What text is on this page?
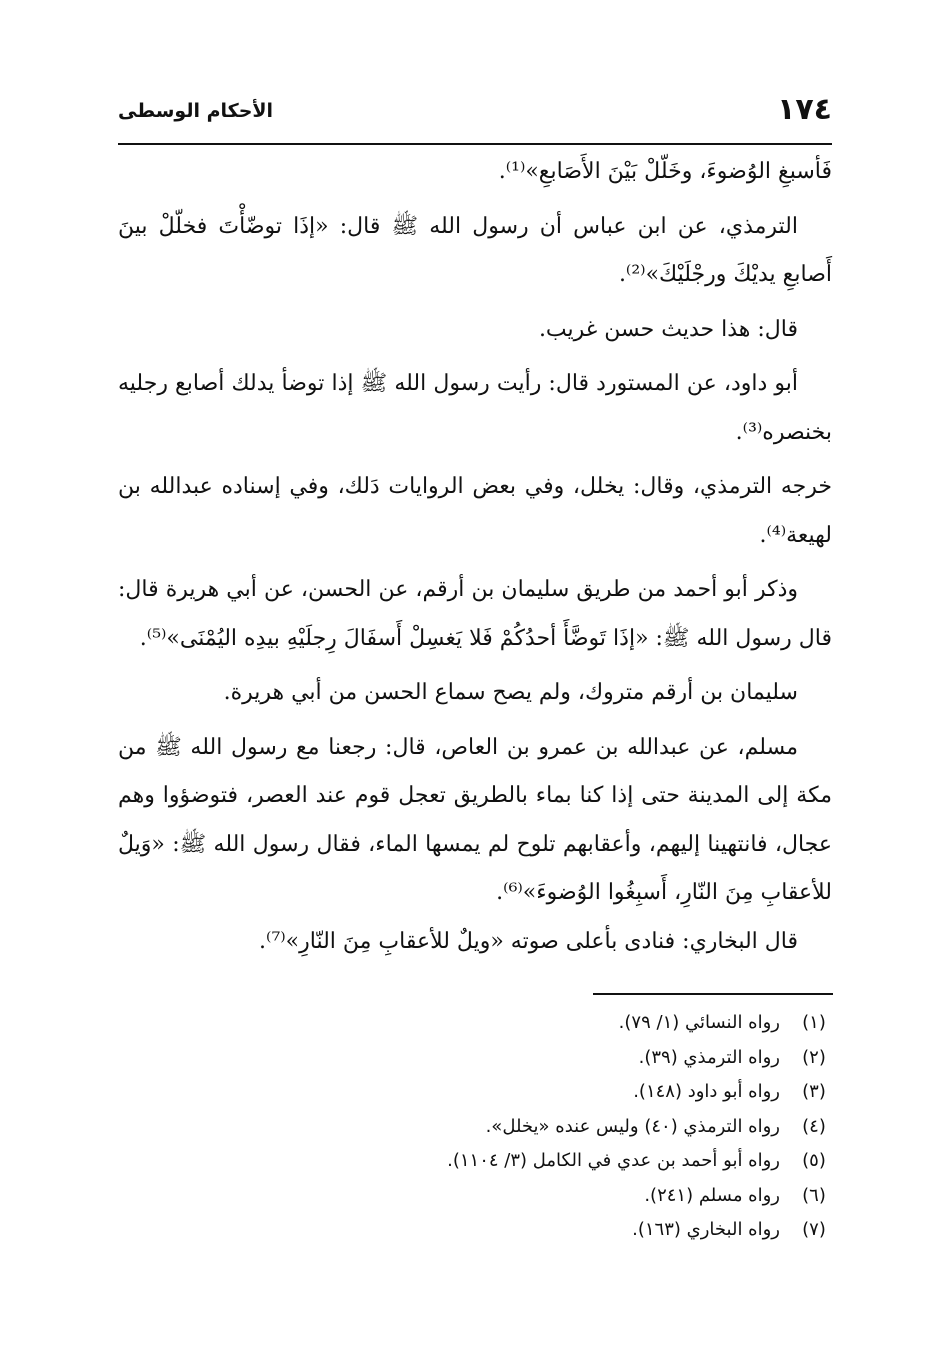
١٧٤
الأحكام الوسطى

فَأسبغِ الوُضوءَ، وخَلّلْ بَيْنَ الأَصَابعِ»⁽¹⁾.

الترمذي، عن ابن عباس أن رسول الله ﷺ قال: «إذَا توضّأْتَ فخلّلْ بينَ أَصابعِ يديْكَ ورجْلَيْكَ»⁽²⁾.

قال: هذا حديث حسن غريب.

أبو داود، عن المستورد قال: رأيت رسول الله ﷺ إذا توضأ يدلك أصابع رجليه بخنصره⁽³⁾.

خرجه الترمذي، وقال: يخلل، وفي بعض الروايات دَلك، وفي إسناده عبدالله بن لهيعة⁽⁴⁾.

وذكر أبو أحمد من طريق سليمان بن أرقم، عن الحسن، عن أبي هريرة قال: قال رسول الله ﷺ: «إذَا تَوضَّأَ أحدُكُمْ فَلا يَغسِلْ أَسفَالَ رِجلَيْهِ بيدِه اليُمْنَى»⁽⁵⁾.

سليمان بن أرقم متروك، ولم يصح سماع الحسن من أبي هريرة.

مسلم، عن عبدالله بن عمرو بن العاص، قال: رجعنا مع رسول الله ﷺ من مكة إلى المدينة حتى إذا كنا بماء بالطريق تعجل قوم عند العصر، فتوضؤوا وهم عجال، فانتهينا إليهم، وأعقابهم تلوح لم يمسها الماء، فقال رسول الله ﷺ: «وَيلٌ للأعقابِ مِنَ النّارِ، أَسبِغُوا الوُضوءَ»⁽⁶⁾.

قال البخاري: فنادى بأعلى صوته «ويلٌ للأعقابِ مِنَ النّارِ»⁽⁷⁾.

(١)
رواه النسائي (١/ ٧٩).
(٢)
رواه الترمذي (٣٩).
(٣)
رواه أبو داود (١٤٨).
(٤)
رواه الترمذي (٤٠) وليس عنده «يخلل».
(٥)
رواه أبو أحمد بن عدي في الكامل (٣/ ١١٠٤).
(٦)
رواه مسلم (٢٤١).
(٧)
رواه البخاري (١٦٣).
